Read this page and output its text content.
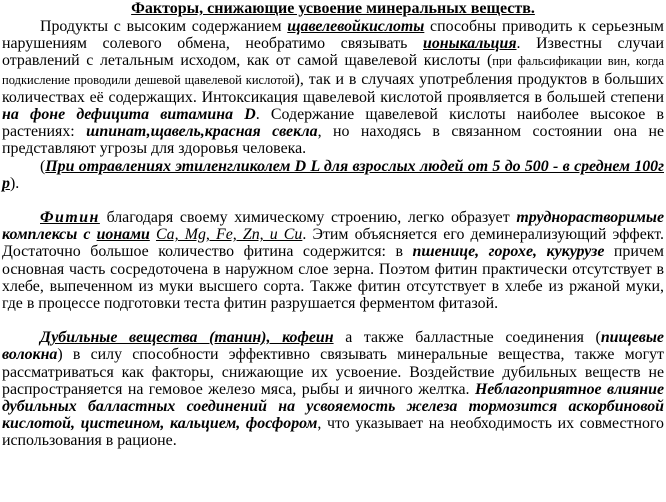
Факторы, снижающие усвоение минеральных веществ.

Продукты с высоким содержанием щавелевойкислоты способны приводить к серьезным нарушениям солевого обмена, необратимо связывать ионыкальция. Известны случаи отравлений с летальным исходом, как от самой щавелевой кислоты (при фальсификации вин, когда подкисление проводили дешевой щавелевой кислотой), так и в случаях употребления продуктов в больших количествах её содержащих. Интоксикация щавелевой кислотой проявляется в большей степени на фоне дефицита витамина D. Содержание щавелевой кислоты наиболее высокое в растениях: шпинат,щавель,красная свекла, но находясь в связанном состоянии она не представляют угрозы для здоровья человека.

(При отравлениях этиленгликолем D L для взрослых людей от 5 до 500 - в среднем 100г р).

Фитин благодаря своему химическому строению, легко образует труднорастворимые комплексы с ионами Са, Mg, Fe, Zn, и Cu. Этим объясняется его деминерализующий эффект. Достаточно большое количество фитина содержится: в пшенице, горохе, кукурузе причем основная часть сосредоточена в наружном слое зерна. Поэтом фитин практически отсутствует в хлебе, выпеченном из муки высшего сорта. Также фитин отсутствует в хлебе из ржаной муки, где в процессе подготовки теста фитин разрушается ферментом фитазой.

Дубильные вещества (танин), кофеин а также балластные соединения (пищевые волокна) в силу способности эффективно связывать минеральные вещества, также могут рассматриваться как факторы, снижающие их усвоение. Воздействие дубильных веществ не распространяется на гемовое железо мяса, рыбы и яичного желтка. Неблагоприятное влияние дубильных балластных соединений на усвояемость железа тормозится аскорбиновой кислотой, цистеином, кальцием, фосфором, что указывает на необходимость их совместного использования в рационе.
